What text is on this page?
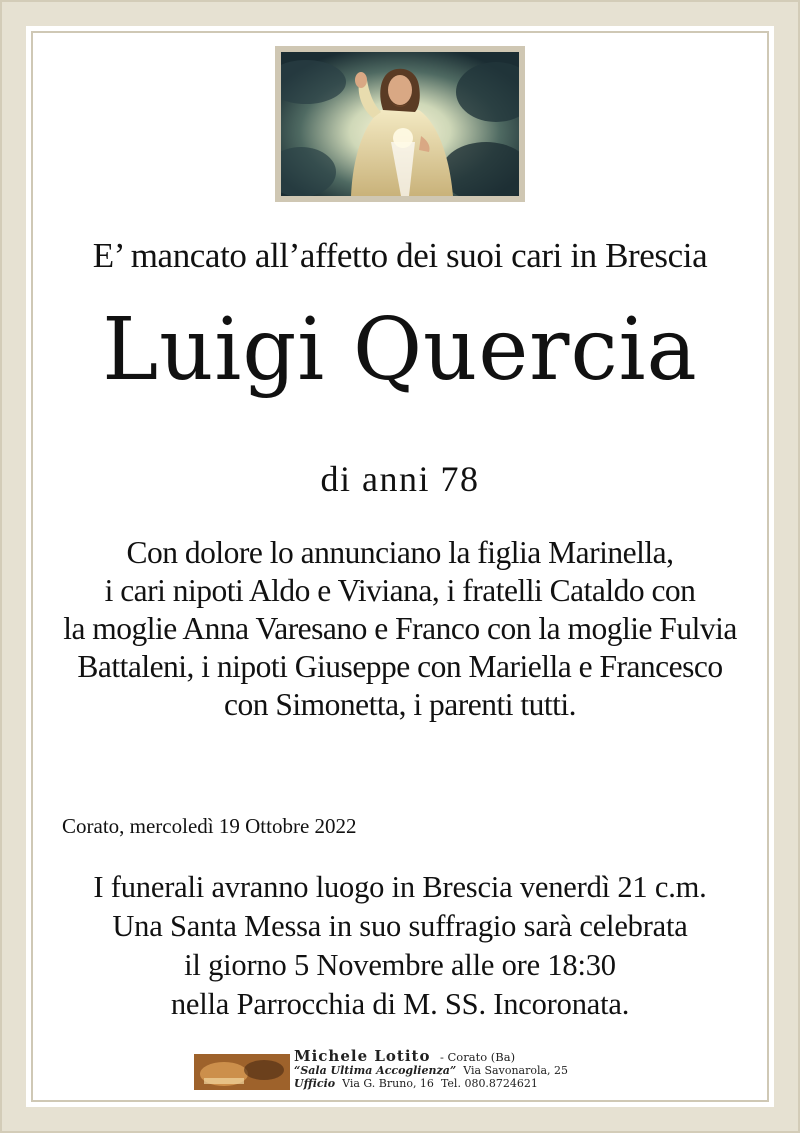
E’ mancato all’affetto dei suoi cari in Brescia
Luigi Quercia
di anni 78
Con dolore lo annunciano la figlia Marinella,
i cari nipoti Aldo e Viviana, i fratelli Cataldo con
la moglie Anna Varesano e Franco con la moglie Fulvia
Battaleni, i nipoti Giuseppe con Mariella e Francesco
con Simonetta, i parenti tutti.
Corato, mercoledì 19 Ottobre 2022
I funerali avranno luogo in Brescia venerdì 21 c.m.
Una Santa Messa in suo suffragio sarà celebrata
il giorno 5 Novembre alle ore 18:30
nella Parrocchia di M. SS. Incoronata.
Michele Lotito - Corato (Ba)
“Sala Ultima Accoglienza” Via Savonarola, 25
Ufficio Via G. Bruno, 16 Tel. 080.8724621
